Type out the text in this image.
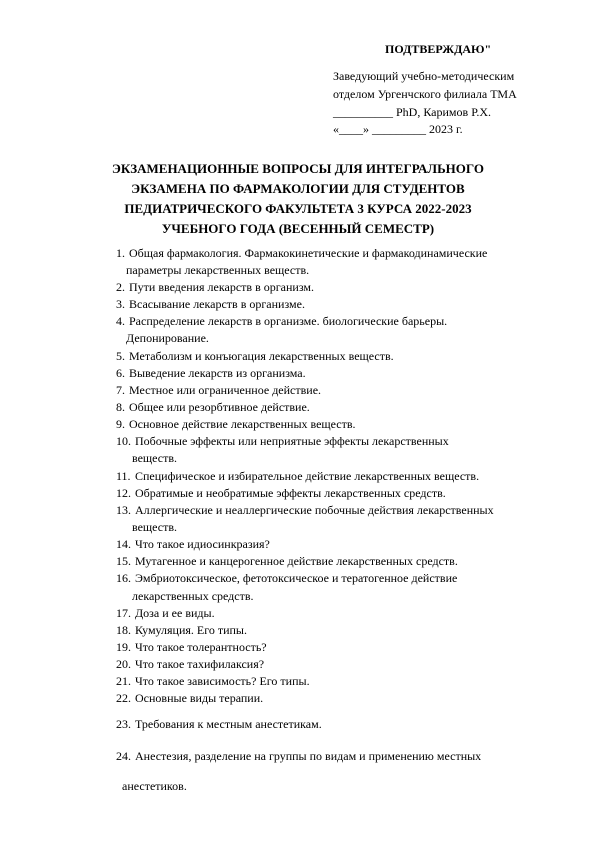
ПОДТВЕРЖДАЮ"
Заведующий учебно-методическим
отделом Ургенчского филиала ТМА
__________ PhD, Каримов Р.Х.
«____» _________ 2023 г.
ЭКЗАМЕНАЦИОННЫЕ ВОПРОСЫ ДЛЯ ИНТЕГРАЛЬНОГО
ЭКЗАМЕНА ПО ФАРМАКОЛОГИИ ДЛЯ СТУДЕНТОВ
ПЕДИАТРИЧЕСКОГО ФАКУЛЬТЕТА 3 КУРСА 2022-2023
УЧЕБНОГО ГОДА (ВЕСЕННЫЙ СЕМЕСТР)
1. Общая фармакология. Фармакокинетические и фармакодинамические
параметры лекарственных веществ.
2. Пути введения лекарств в организм.
3. Всасывание лекарств в организме.
4. Распределение лекарств в организме. биологические барьеры.
Депонирование.
5. Метаболизм и конъюгация лекарственных веществ.
6. Выведение лекарств из организма.
7. Местное или ограниченное действие.
8. Общее или резорбтивное действие.
9. Основное действие лекарственных веществ.
10. Побочные эффекты или неприятные эффекты лекарственных
веществ.
11. Специфическое и избирательное действие лекарственных веществ.
12. Обратимые и необратимые эффекты лекарственных средств.
13. Аллергические и неаллергические побочные действия лекарственных
веществ.
14. Что такое идиосинкразия?
15. Мутагенное и канцерогенное действие лекарственных средств.
16. Эмбриотоксическое, фетотоксическое и тератогенное действие
лекарственных средств.
17. Доза и ее виды.
18. Кумуляция. Его типы.
19. Что такое толерантность?
20. Что такое тахифилаксия?
21. Что такое зависимость? Его типы.
22. Основные виды терапии.
23. Требования к местным анестетикам.
24. Анестезия, разделение на группы по видам и применению местных
анестетиков.
